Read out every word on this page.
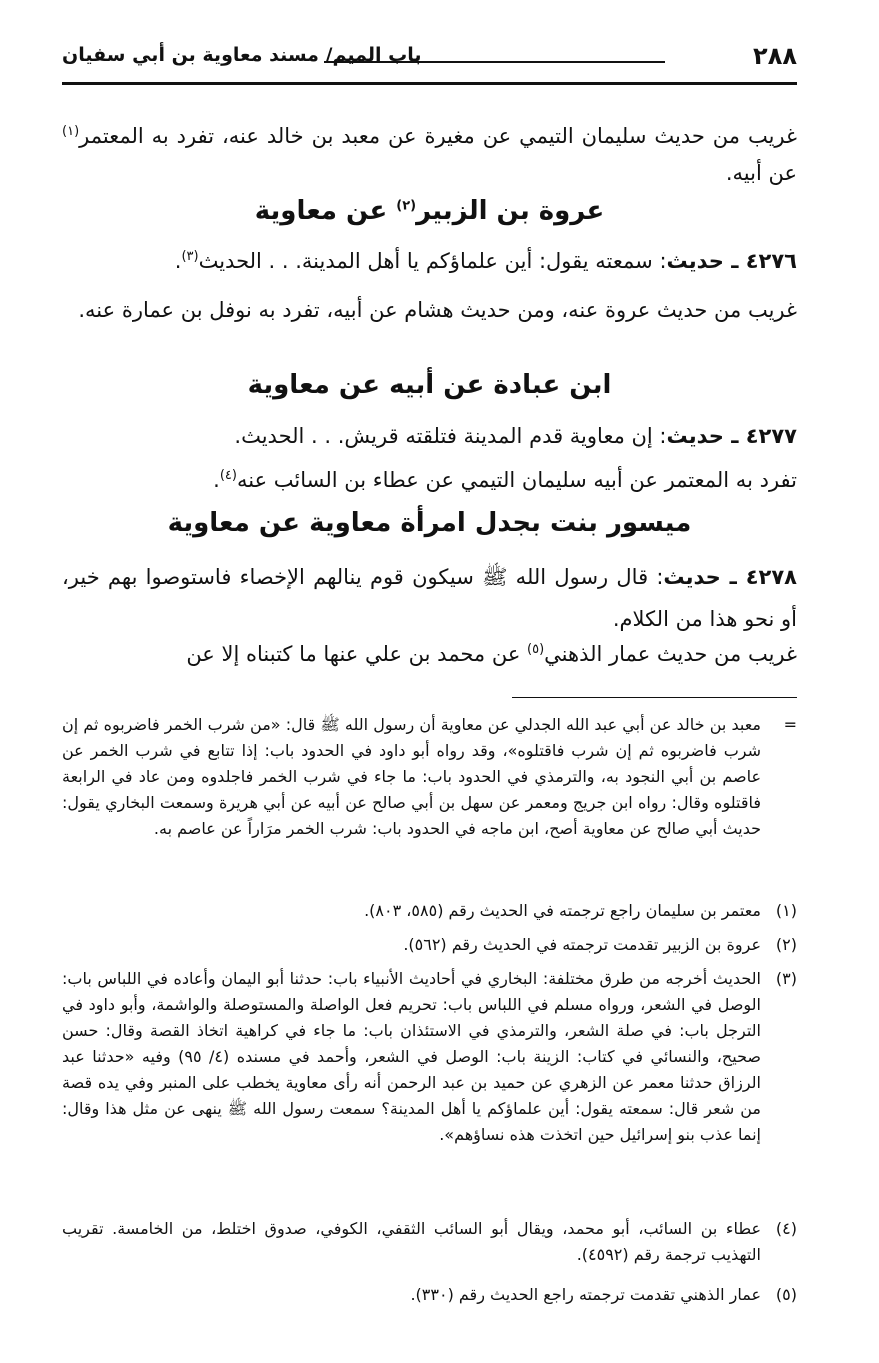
٢٨٨
باب الميم/ مسند معاوية بن أبي سفيان
غريب من حديث سليمان التيمي عن مغيرة عن معبد بن خالد عنه، تفرد به المعتمر$^{(١)}$ عن أبيه.
عروة بن الزبير$^{(٢)}$ عن معاوية
٤٢٧٦ ـ حديث: سمعته يقول: أين علماؤكم يا أهل المدينة. . . الحديث$^{(٣)}$.
غريب من حديث عروة عنه، ومن حديث هشام عن أبيه، تفرد به نوفل بن عمارة عنه.
ابن عبادة عن أبيه عن معاوية
٤٢٧٧ ـ حديث: إن معاوية قدم المدينة فتلقته قريش. . . الحديث.
تفرد به المعتمر عن أبيه سليمان التيمي عن عطاء بن السائب عنه$^{(٤)}$.
ميسور بنت بجدل امرأة معاوية عن معاوية
٤٢٧٨ ـ حديث: قال رسول الله ﷺ سيكون قوم ينالهم الإخصاء فاستوصوا بهم خير، أو نحو هذا من الكلام.
غريب من حديث عمار الذهني$^{(٥)}$ عن محمد بن علي عنها ما كتبناه إلا عن
=
معبد بن خالد عن أبي عبد الله الجدلي عن معاوية أن رسول الله ﷺ قال: «من شرب الخمر فاضربوه ثم إن شرب فاضربوه ثم إن شرب فاقتلوه»، وقد رواه أبو داود في الحدود باب: إذا تتابع في شرب الخمر عن عاصم بن أبي النجود به، والترمذي في الحدود باب: ما جاء في شرب الخمر فاجلدوه ومن عاد في الرابعة فاقتلوه وقال: رواه ابن جريج ومعمر عن سهل بن أبي صالح عن أبيه عن أبي هريرة وسمعت البخاري يقول: حديث أبي صالح عن معاوية أصح، ابن ماجه في الحدود باب: شرب الخمر مرَاراً عن عاصم به.
(١)
معتمر بن سليمان راجع ترجمته في الحديث رقم (٥٨٥، ٨٠٣).
(٢)
عروة بن الزبير تقدمت ترجمته في الحديث رقم (٥٦٢).
(٣)
الحديث أخرجه من طرق مختلفة: البخاري في أحاديث الأنبياء باب: حدثنا أبو اليمان وأعاده في اللباس باب: الوصل في الشعر، ورواه مسلم في اللباس باب: تحريم فعل الواصلة والمستوصلة والواشمة، وأبو داود في الترجل باب: في صلة الشعر، والترمذي في الاستئذان باب: ما جاء في كراهية اتخاذ القصة وقال: حسن صحيح، والنسائي في كتاب: الزينة باب: الوصل في الشعر، وأحمد في مسنده (٤/ ٩٥) وفيه «حدثنا عبد الرزاق حدثنا معمر عن الزهري عن حميد بن عبد الرحمن أنه رأى معاوية يخطب على المنبر وفي يده قصة من شعر قال: سمعته يقول: أين علماؤكم يا أهل المدينة؟ سمعت رسول الله ﷺ ينهى عن مثل هذا وقال: إنما عذب بنو إسرائيل حين اتخذت هذه نساؤهم».
(٤)
عطاء بن السائب، أبو محمد، ويقال أبو السائب الثقفي، الكوفي، صدوق اختلط، من الخامسة. تقريب التهذيب ترجمة رقم (٤٥٩٢).
(٥)
عمار الذهني تقدمت ترجمته راجع الحديث رقم (٣٣٠).
